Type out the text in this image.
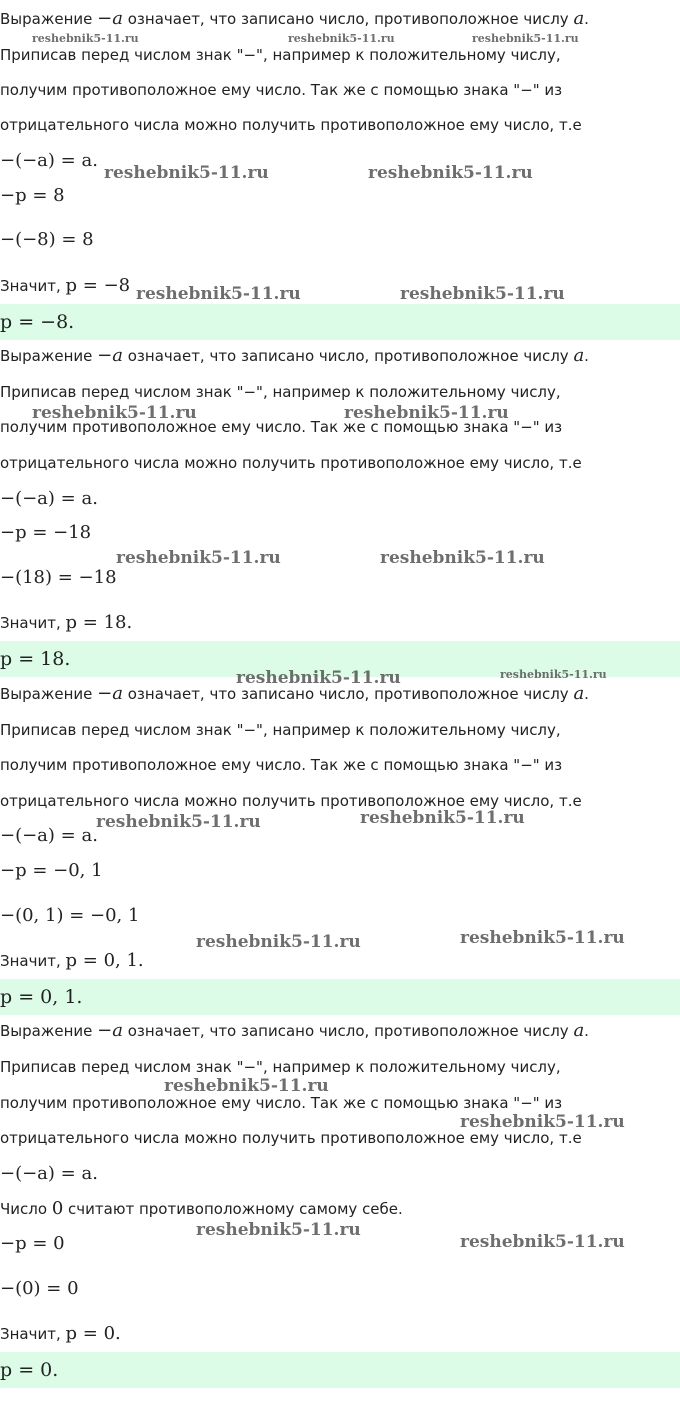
Выражение −a означает, что записано число, противоположное числу a.
Приписав перед числом знак "−", например к положительному числу,
получим противоположное ему число. Так же с помощью знака "−" из
отрицательного числа можно получить противоположное ему число, т.е
−(−a) = a.
−p = 8
−(−8) = 8
Значит, p = −8
p = −8.
Выражение −a означает, что записано число, противоположное числу a.
Приписав перед числом знак "−", например к положительному числу,
получим противоположное ему число. Так же с помощью знака "−" из
отрицательного числа можно получить противоположное ему число, т.е
−(−a) = a.
−p = −18
−(18) = −18
Значит, p = 18.
p = 18.
Выражение −a означает, что записано число, противоположное числу a.
Приписав перед числом знак "−", например к положительному числу,
получим противоположное ему число. Так же с помощью знака "−" из
отрицательного числа можно получить противоположное ему число, т.е
−(−a) = a.
−p = −0, 1
−(0, 1) = −0, 1
Значит, p = 0, 1.
p = 0, 1.
Выражение −a означает, что записано число, противоположное числу a.
Приписав перед числом знак "−", например к положительному числу,
получим противоположное ему число. Так же с помощью знака "−" из
отрицательного числа можно получить противоположное ему число, т.е
−(−a) = a.
Число 0 считают противоположному самому себе.
−p = 0
−(0) = 0
Значит, p = 0.
p = 0.
reshebnik5-11.ru	reshebnik5-11.ru	reshebnik5-11.ru
reshebnik5-11.ru	reshebnik5-11.ru
reshebnik5-11.ru	reshebnik5-11.ru
reshebnik5-11.ru	reshebnik5-11.ru
reshebnik5-11.ru	reshebnik5-11.ru
reshebnik5-11.ru	reshebnik5-11.ru
reshebnik5-11.ru	reshebnik5-11.ru
reshebnik5-11.ru	reshebnik5-11.ru
reshebnik5-11.ru
reshebnik5-11.ru
reshebnik5-11.ru
reshebnik5-11.ru
